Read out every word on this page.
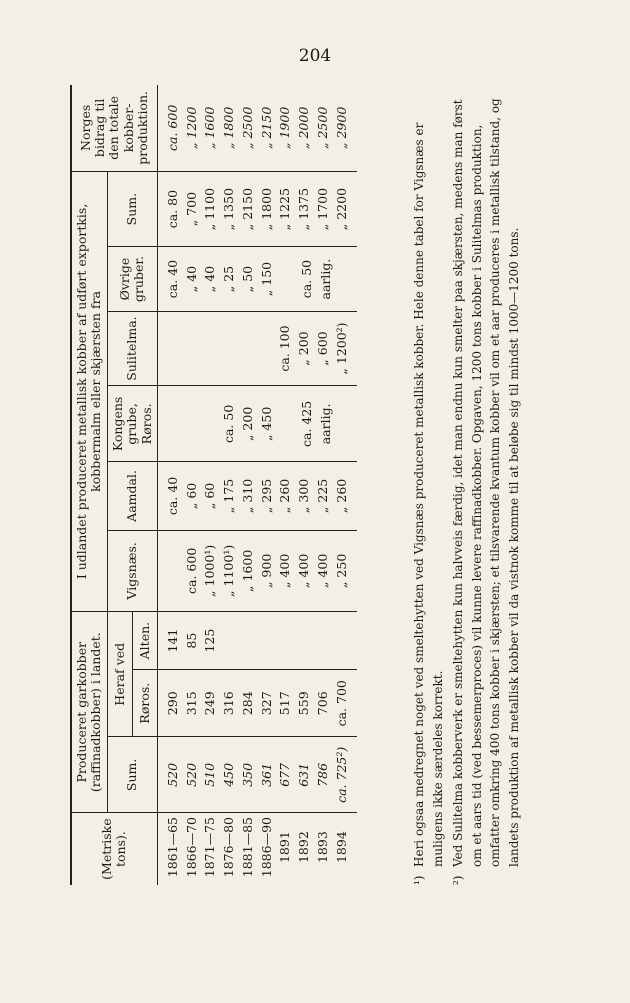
204
(Metriske tons).	Produceret garkobber (raffinadkobber) i landet.			I udlandet produceret metallisk kobber af udført exportkis, kobbermalm eller skjærsten fra						Norges bidrag til den totale kobber-produktion.
	Sum.	Heraf ved		Vigsnæs.	Aamdal.	Kongens grube, Røros.	Sulitelma.	Øvrige gruber.	Sum.	
		Røros.	Alten.							
1861—65	520	290	141		ca. 40			ca. 40	ca. 80	ca. 600
1866—70	520	315	85	ca. 600	„ 60			„ 40	„ 700	„ 1200
1871—75	510	249	125	„ 1000¹)	„ 60			„ 40	„ 1100	„ 1600
1876—80	450	316		„ 1100¹)	„ 175	ca. 50		„ 25	„ 1350	„ 1800
1881—85	350	284		„ 1600	„ 310	„ 200		„ 50	„ 2150	„ 2500
1886—90	361	327		„ 900	„ 295	„ 450		„ 150	„ 1800	„ 2150
1891	677	517		„ 400	„ 260	ca. 425 aarlig.	ca. 100	ca. 50 aarlig.	„ 1225	„ 1900
1892	631	559		„ 400	„ 300		„ 200		„ 1375	„ 2000
1893	786	706		„ 400	„ 225		„ 600		„ 1700	„ 2500
1894	ca. 725²)	ca. 700		„ 250	„ 260		„ 1200²)		„ 2200	„ 2900

¹)Heri ogsaa medregnet noget ved smeltehytten ved Vigsnæs produceret metallisk kobber. Hele denne tabel for Vigsnæs er muligens ikke særdeles korrekt.

²)Ved Sulitelma kobberverk er smeltehytten kun halvveis færdig, idet man endnu kun smelter paa skjærsten, medens man først om et aars tid (ved bessemerproces) vil kunne levere raffinadkobber. Opgaven, 1200 tons kobber i Sulitelmas produktion, omfatter omkring 400 tons kobber i skjærsten; et tilsvarende kvantum kobber vil om et aar produceres i metallisk tilstand, og landets produktion af metallisk kobber vil da vistnok komme til at beløbe sig til mindst 1000—1200 tons.
